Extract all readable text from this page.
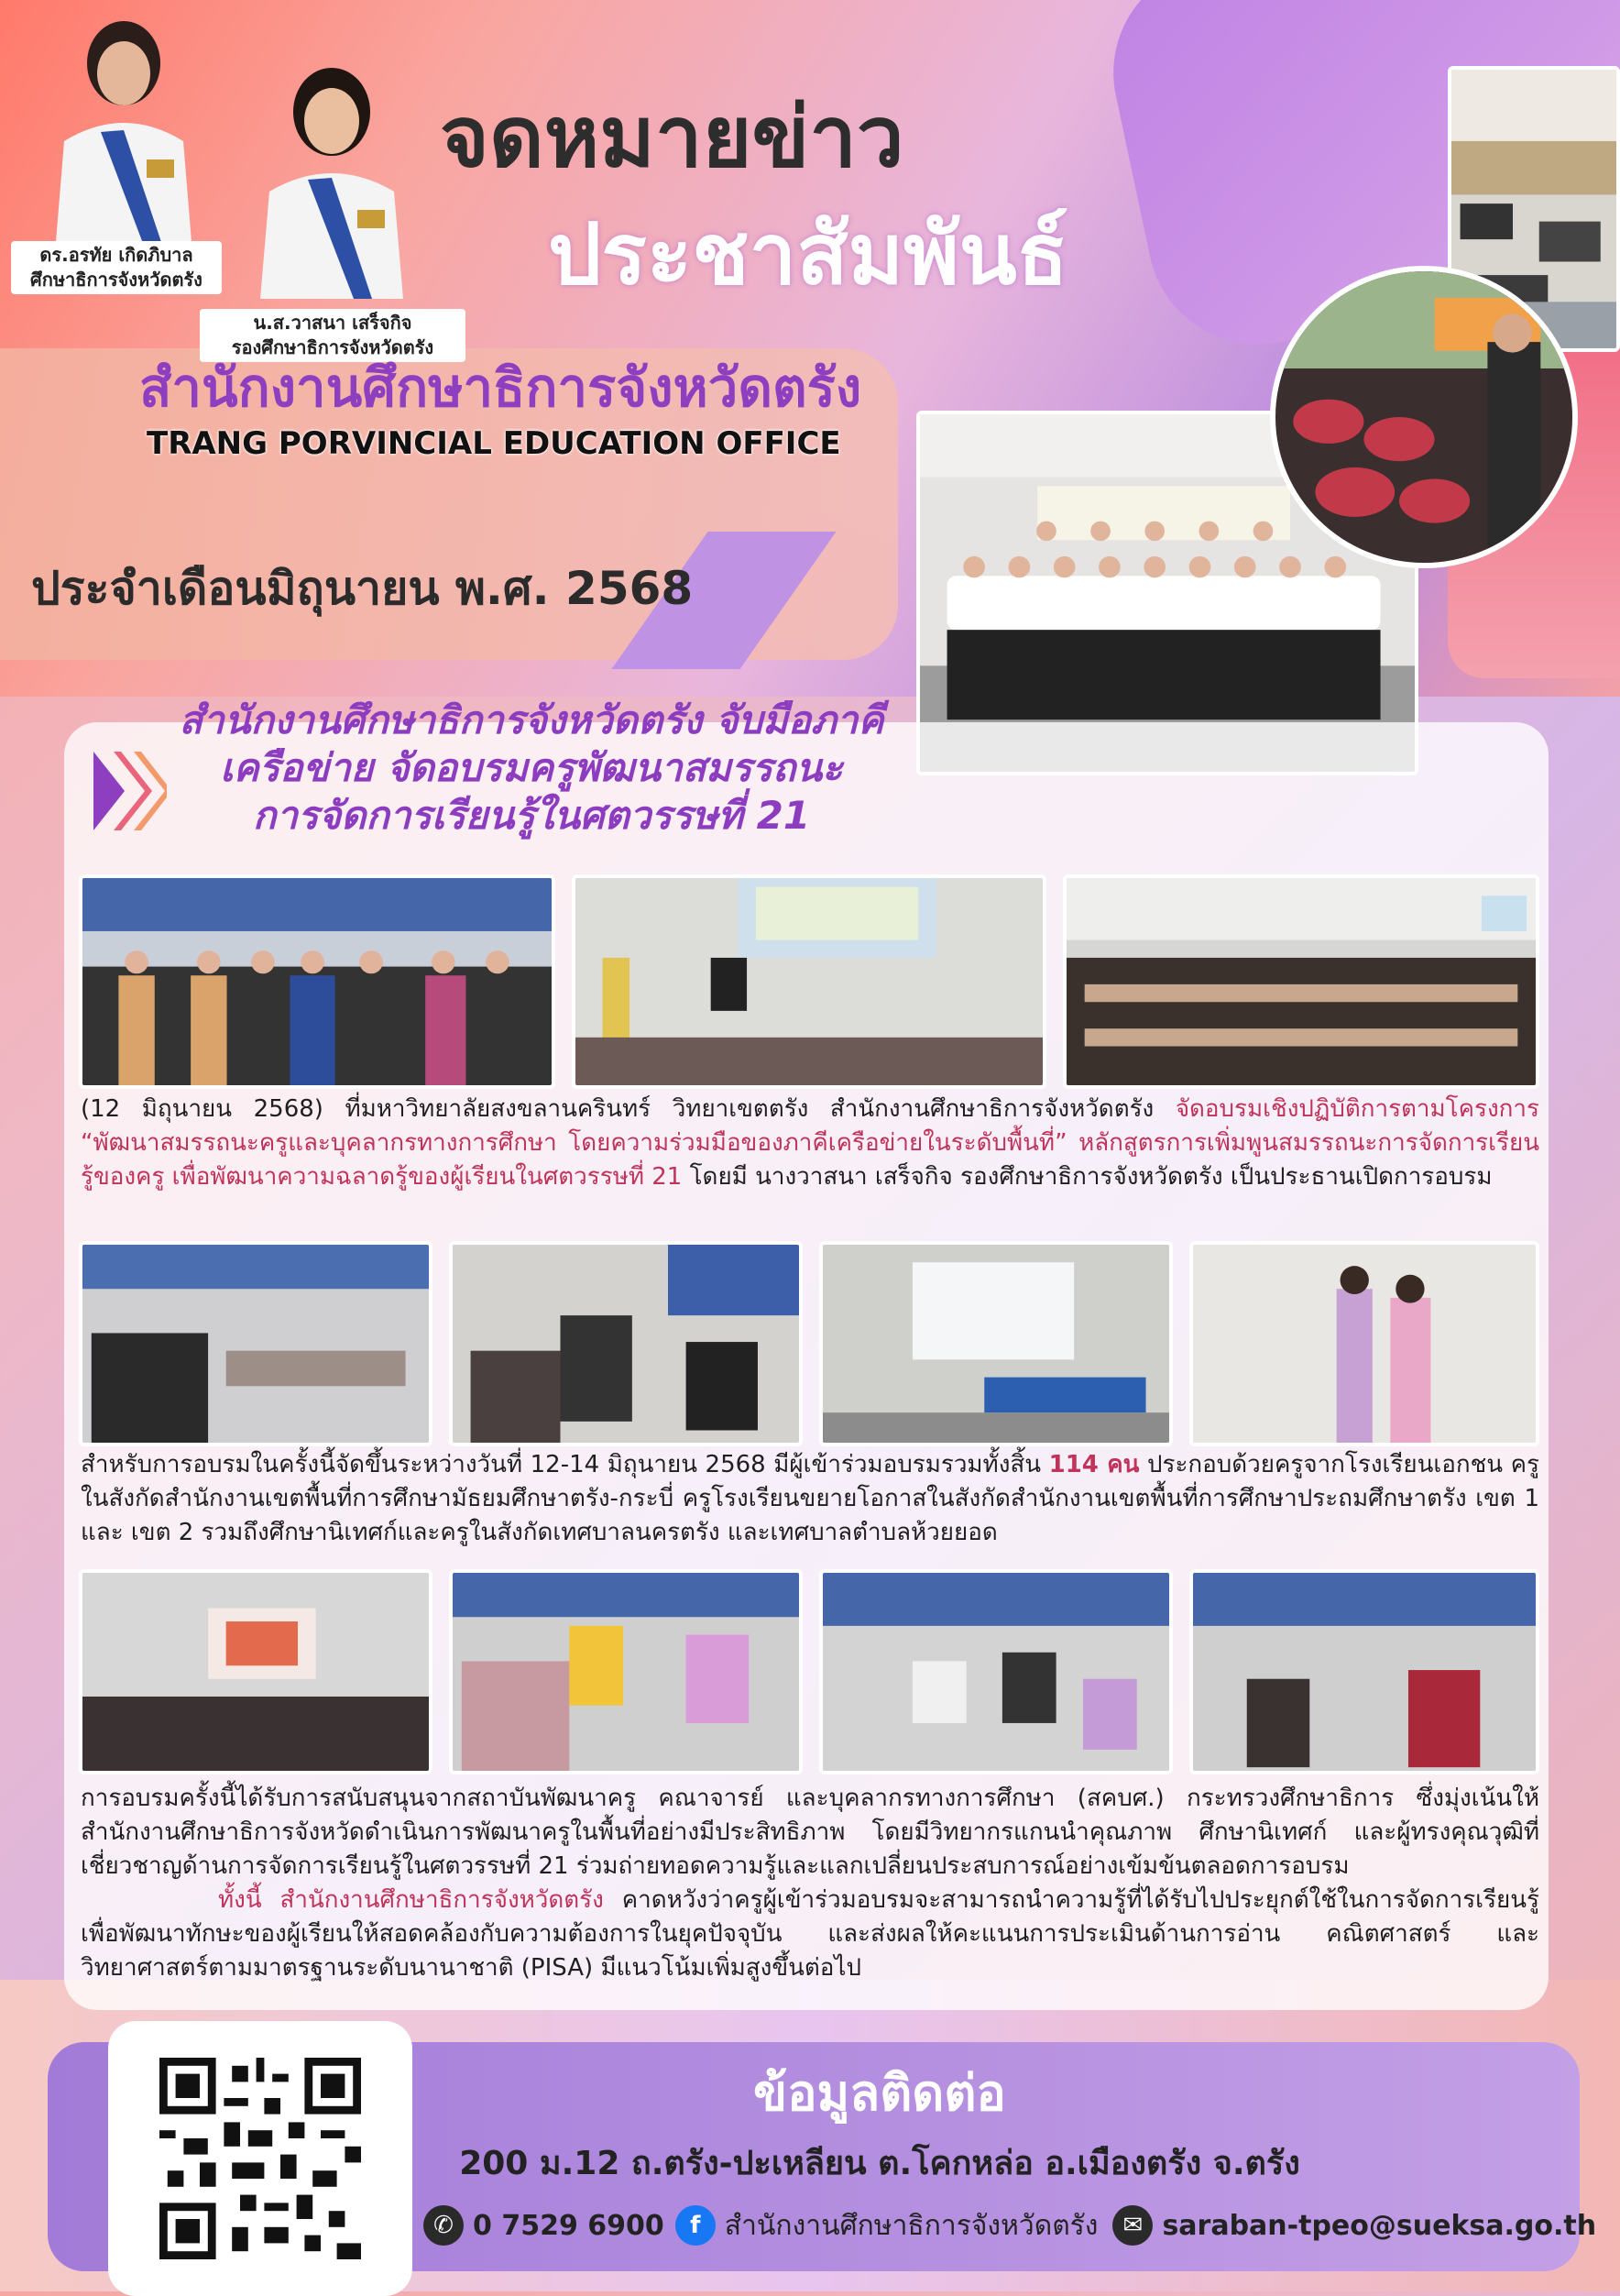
ดร.อรทัย เกิดภิบาล
ศึกษาธิการจังหวัดตรัง
น.ส.วาสนา เสร็จกิจ
รองศึกษาธิการจังหวัดตรัง
จดหมายข่าว
ประชาสัมพันธ์
สำนักงานศึกษาธิการจังหวัดตรัง
TRANG PORVINCIAL EDUCATION OFFICE
ประจำเดือนมิถุนายน พ.ศ. 2568
สำนักงานศึกษาธิการจังหวัดตรัง จับมือภาคี
เครือข่าย จัดอบรมครูพัฒนาสมรรถนะ
การจัดการเรียนรู้ในศตวรรษที่ 21
(12 มิถุนายน 2568) ที่มหาวิทยาลัยสงขลานครินทร์ วิทยาเขตตรัง สำนักงานศึกษาธิการจังหวัดตรัง จัดอบรมเชิงปฏิบัติการตามโครงการ “พัฒนาสมรรถนะครูและบุคลากรทางการศึกษา โดยความร่วมมือของภาคีเครือข่ายในระดับพื้นที่” หลักสูตรการเพิ่มพูนสมรรถนะการจัดการเรียนรู้ของครู เพื่อพัฒนาความฉลาดรู้ของผู้เรียนในศตวรรษที่ 21 โดยมี นางวาสนา เสร็จกิจ รองศึกษาธิการจังหวัดตรัง เป็นประธานเปิดการอบรม
สำหรับการอบรมในครั้งนี้จัดขึ้นระหว่างวันที่ 12-14 มิถุนายน 2568 มีผู้เข้าร่วมอบรมรวมทั้งสิ้น 114 คน ประกอบด้วยครูจากโรงเรียนเอกชน ครูในสังกัดสำนักงานเขตพื้นที่การศึกษามัธยมศึกษาตรัง-กระบี่ ครูโรงเรียนขยายโอกาสในสังกัดสำนักงานเขตพื้นที่การศึกษาประถมศึกษาตรัง เขต 1 และ เขต 2 รวมถึงศึกษานิเทศก์และครูในสังกัดเทศบาลนครตรัง และเทศบาลตำบลห้วยยอด
การอบรมครั้งนี้ได้รับการสนับสนุนจากสถาบันพัฒนาครู คณาจารย์ และบุคลากรทางการศึกษา (สคบศ.) กระทรวงศึกษาธิการ ซึ่งมุ่งเน้นให้สำนักงานศึกษาธิการจังหวัดดำเนินการพัฒนาครูในพื้นที่อย่างมีประสิทธิภาพ โดยมีวิทยากรแกนนำคุณภาพ ศึกษานิเทศก์ และผู้ทรงคุณวุฒิที่เชี่ยวชาญด้านการจัดการเรียนรู้ในศตวรรษที่ 21 ร่วมถ่ายทอดความรู้และแลกเปลี่ยนประสบการณ์อย่างเข้มข้นตลอดการอบรม
ทั้งนี้ สำนักงานศึกษาธิการจังหวัดตรัง คาดหวังว่าครูผู้เข้าร่วมอบรมจะสามารถนำความรู้ที่ได้รับไปประยุกต์ใช้ในการจัดการเรียนรู้ เพื่อพัฒนาทักษะของผู้เรียนให้สอดคล้องกับความต้องการในยุคปัจจุบัน และส่งผลให้คะแนนการประเมินด้านการอ่าน คณิตศาสตร์ และวิทยาศาสตร์ตามมาตรฐานระดับนานาชาติ (PISA) มีแนวโน้มเพิ่มสูงขึ้นต่อไป
ข้อมูลติดต่อ
200 ม.12 ถ.ตรัง-ปะเหลียน ต.โคกหล่อ อ.เมืองตรัง จ.ตรัง
✆ 0 7529 6900	f สำนักงานศึกษาธิการจังหวัดตรัง	✉ saraban-tpeo@sueksa.go.th
